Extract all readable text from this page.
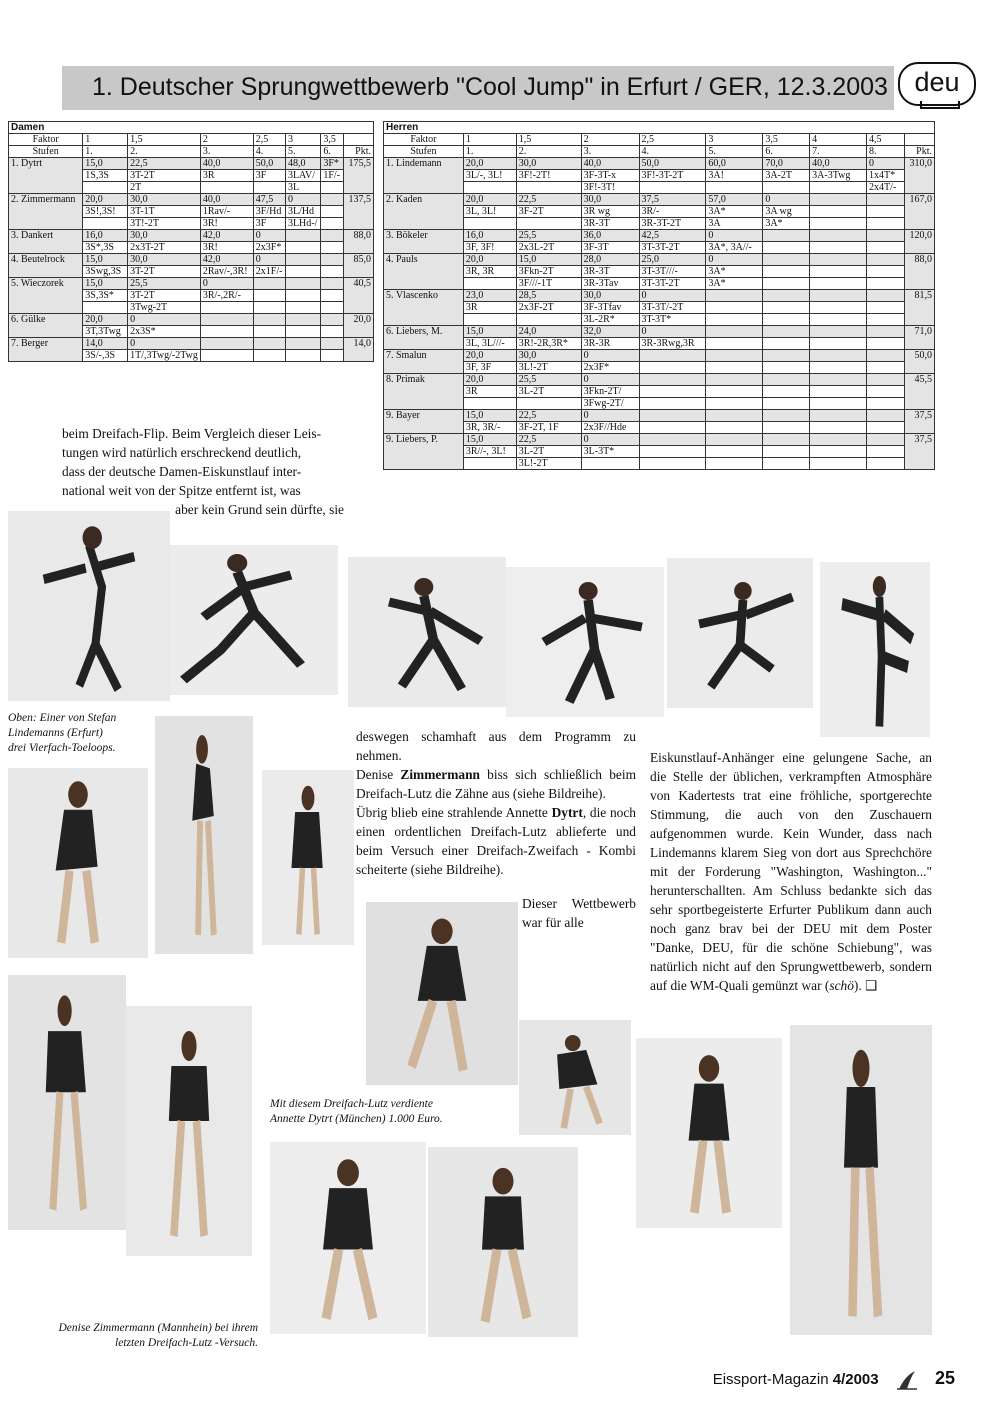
1. Deutscher Sprungwettbewerb "Cool Jump" in Erfurt / GER, 12.3.2003 deu
Damen							
Faktor	1	1,5	2	2,5	3	3,5	
Stufen	1.	2.	3.	4.	5.	6.	Pkt.
1. Dytrt	15,0	22,5	40,0	50,0	48,0	3F*	175,5
	1S,3S	3T-2T	3R	3F	3LAV/	1F/-	
		2T			3L		
2. Zimmermann	20,0	30,0	40,0	47,5	0		137,5
	3S!,3S!	3T-1T	1Rav/-	3F/Hd	3L/Hd		
		3T!-2T	3R!	3F	3LHd-/		
3. Dankert	16,0	30,0	42,0	0			88,0
	3S*,3S	2x3T-2T	3R!	2x3F*			
4. Beutelrock	15,0	30,0	42,0	0			85,0
	3Swg,3S	3T-2T	2Rav/-,3R!	2x1F/-			
5. Wieczorek	15,0	25,5	0				40,5
	3S,3S*	3T-2T	3R/-,2R/-				
		3Twg-2T					
6. Gülke	20,0	0					20,0
	3T,3Twg	2x3S*					
7. Berger	14,0	0					14,0
	3S/-,3S	1T/,3Twg/-2Twg					
Herren									
Faktor	1	1,5	2	2,5	3	3,5	4	4,5	
Stufen	1.	2.	3.	4.	5.	6.	7.	8.	Pkt.
1. Lindemann	20,0	30,0	40,0	50,0	60,0	70,0	40,0	0	310,0
	3L/-, 3L!	3F!-2T!	3F-3T-x	3F!-3T-2T	3A!	3A-2T	3A-3Twg	1x4T*	
			3F!-3T!					2x4T/-	
2. Kaden	20,0	22,5	30,0	37,5	57,0	0			167,0
	3L, 3L!	3F-2T	3R wg	3R/-	3A*	3A wg			
			3R-3T	3R-3T-2T	3A	3A*			
3. Bökeler	16,0	25,5	36,0	42,5	0				120,0
	3F, 3F!	2x3L-2T	3F-3T	3T-3T-2T	3A*, 3A//-				
4. Pauls	20,0	15,0	28,0	25,0	0				88,0
	3R, 3R	3Fkn-2T	3R-3T	3T-3T///-	3A*				
		3F///-1T	3R-3Tav	3T-3T-2T	3A*				
5. Vlascenko	23,0	28,5	30,0	0					81,5
	3R	2x3F-2T	3F-3Tfav	3T-3T/-2T					
			3L-2R*	3T-3T*					
6. Liebers, M.	15,0	24,0	32,0	0					71,0
	3L, 3L///-	3R!-2R,3R*	3R-3R	3R-3Rwg,3R					
7. Smalun	20,0	30,0	0						50,0
	3F, 3F	3L!-2T	2x3F*						
8. Primak	20,0	25,5	0						45,5
	3R	3L-2T	3Fkn-2T/						
			3Fwg-2T/						
9. Bayer	15,0	22,5	0						37,5
	3R, 3R/-	3F-2T, 1F	2x3F//Hde						
9. Liebers, P.	15,0	22,5	0						37,5
	3R//-, 3L!	3L-2T	3L-3T*						
		3L!-2T							
beim Dreifach-Flip. Beim Vergleich dieser Leis-
tungen wird natürlich erschreckend deutlich,
dass der deutsche Damen-Eiskunstlauf inter-
national weit von der Spitze entfernt ist, was
aber kein Grund sein dürfte, sie
Oben: Einer von Stefan
Lindemanns (Erfurt)
drei Vierfach-Toeloops.
deswegen schamhaft aus dem Programm zu nehmen.
Denise Zimmermann biss sich schließlich beim Dreifach-Lutz die Zähne aus (siehe Bildreihe).
Übrig blieb eine strahlende Annette Dytrt, die noch einen ordentlichen Dreifach-Lutz ablieferte und beim Versuch einer Dreifach-Zweifach - Kombi scheiterte (siehe Bildreihe).
Dieser Wettbewerb war für alle
Mit diesem Dreifach-Lutz verdiente
Annette Dytrt (München) 1.000 Euro.
Eiskunstlauf-Anhänger eine gelungene Sache, an die Stelle der üblichen, verkrampften Atmosphäre von Kadertests trat eine fröhliche, sportgerechte Stimmung, die auch von den Zuschauern aufgenommen wurde. Kein Wunder, dass nach Lindemanns klarem Sieg von dort aus Sprechchöre mit der Forderung "Washington, Washington..." herunterschallten. Am Schluss bedankte sich das sehr sportbegeisterte Erfurter Publikum dann auch noch ganz brav bei der DEU mit dem Poster "Danke, DEU, für die schöne Schiebung", was natürlich nicht auf den Sprungwettbewerb, sondern auf die WM-Quali gemünzt war (schö). ❑
Denise Zimmermann (Mannhein) bei ihrem
letzten Dreifach-Lutz -Versuch.
Eissport-Magazin 4/2003	25
